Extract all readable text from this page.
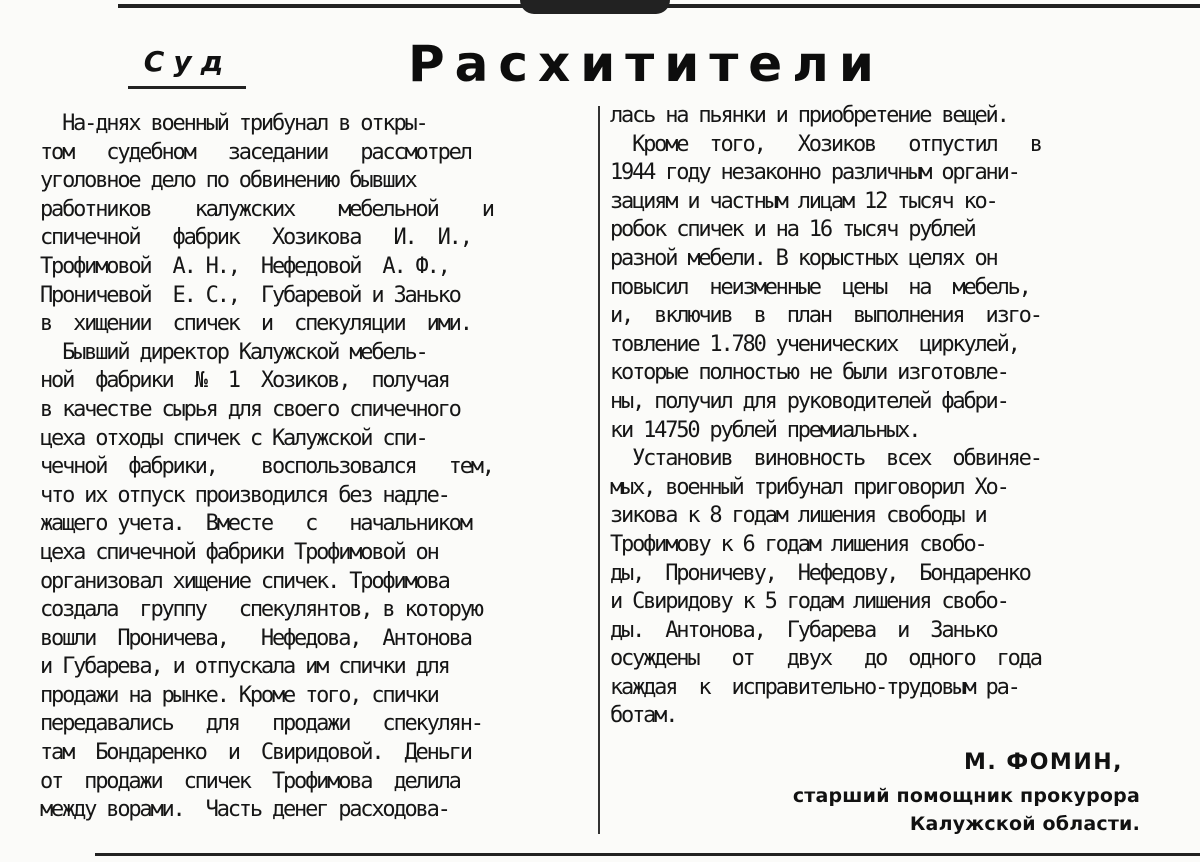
Суд	Расхитители
На-днях военный трибунал в откры-
том   судебном   заседании   рассмотрел
уголовное дело по обвинению бывших
работников    калужских    мебельной    и
спичечной   фабрик   Хозикова   И.  И.,
Трофимовой  А. Н.,  Нефедовой  А. Ф.,
Проничевой  Е. С.,  Губаревой и Занько
в  хищении  спичек  и  спекуляции  ими.
Бывший директор Калужской мебель-
ной  фабрики  №  1  Хозиков,  получая
в качестве сырья для своего спичечного
цеха отходы спичек с Калужской спи-
чечной  фабрики,    воспользовался   тем,
что их отпуск производился без надле-
жащего учета.  Вместе   с   начальником
цеха спичечной фабрики Трофимовой он
организовал хищение спичек. Трофимова
создала  группу   спекулянтов, в которую
вошли  Проничева,   Нефедова,  Антонова
и Губарева, и отпускала им спички для
продажи на рынке. Кроме того, спички
передавались   для   продажи   спекулян-
там  Бондаренко  и  Свиридовой.  Деньги
от  продажи  спичек  Трофимова  делила
между ворами.  Часть денег расходова-
лась на пьянки и приобретение вещей.
Кроме  того,   Хозиков   отпустил   в
1944 году незаконно различным органи-
зациям и частным лицам 12 тысяч ко-
робок спичек и на 16 тысяч рублей
разной мебели. В корыстных целях он
повысил  неизменные  цены  на  мебель,
и,  включив  в  план  выполнения  изго-
товление 1.780 ученических  циркулей,
которые полностью не были изготовле-
ны, получил для руководителей фабри-
ки 14750 рублей премиальных.
Установив  виновность  всех  обвиняе-
мых, военный трибунал приговорил Хо-
зикова к 8 годам лишения свободы и
Трофимову к 6 годам лишения свобо-
ды,  Проничеву,  Нефедову,  Бондаренко
и Свиридову к 5 годам лишения свобо-
ды.  Антонова,  Губарева  и  Занько
осуждены   от   двух   до  одного  года
каждая  к  исправительно-трудовым ра-
ботам.
М. ФОМИН,
старший помощник прокурора
Калужской области.
